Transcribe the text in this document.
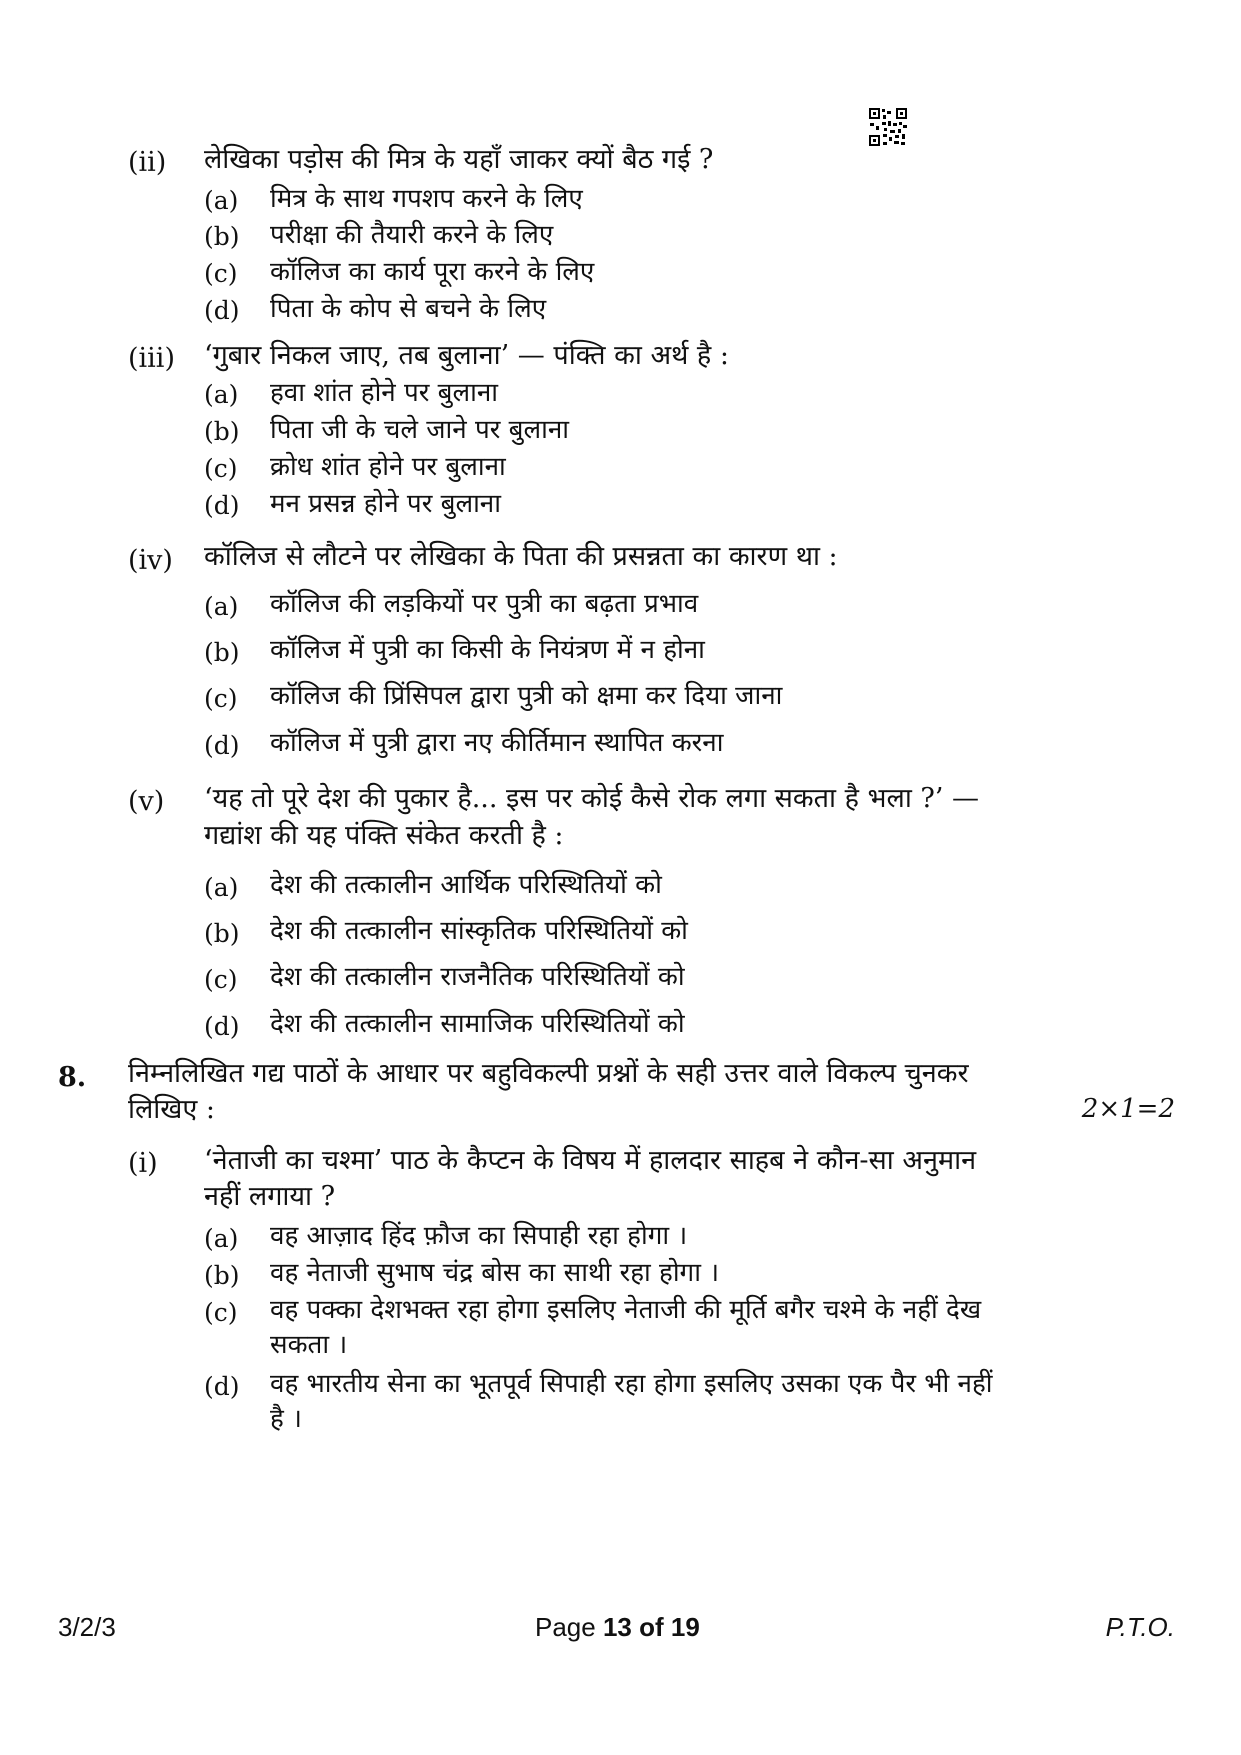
(ii) लेखिका पड़ोस की मित्र के यहाँ जाकर क्यों बैठ गई ?
(a) मित्र के साथ गपशप करने के लिए
(b) परीक्षा की तैयारी करने के लिए
(c) कॉलिज का कार्य पूरा करने के लिए
(d) पिता के कोप से बचने के लिए
(iii) ‘गुबार निकल जाए, तब बुलाना’ — पंक्ति का अर्थ है :
(a) हवा शांत होने पर बुलाना
(b) पिता जी के चले जाने पर बुलाना
(c) क्रोध शांत होने पर बुलाना
(d) मन प्रसन्न होने पर बुलाना
(iv) कॉलिज से लौटने पर लेखिका के पिता की प्रसन्नता का कारण था :
(a) कॉलिज की लड़कियों पर पुत्री का बढ़ता प्रभाव
(b) कॉलिज में पुत्री का किसी के नियंत्रण में न होना
(c) कॉलिज की प्रिंसिपल द्वारा पुत्री को क्षमा कर दिया जाना
(d) कॉलिज में पुत्री द्वारा नए कीर्तिमान स्थापित करना
(v) ‘यह तो पूरे देश की पुकार है... इस पर कोई कैसे रोक लगा सकता है भला ?’ —
गद्यांश की यह पंक्ति संकेत करती है :
(a) देश की तत्कालीन आर्थिक परिस्थितियों को
(b) देश की तत्कालीन सांस्कृतिक परिस्थितियों को
(c) देश की तत्कालीन राजनैतिक परिस्थितियों को
(d) देश की तत्कालीन सामाजिक परिस्थितियों को
8. निम्नलिखित गद्य पाठों के आधार पर बहुविकल्पी प्रश्नों के सही उत्तर वाले विकल्प चुनकर
लिखिए :	2×1=2
(i) ‘नेताजी का चश्मा’ पाठ के कैप्टन के विषय में हालदार साहब ने कौन-सा अनुमान
नहीं लगाया ?
(a) वह आज़ाद हिंद फ़ौज का सिपाही रहा होगा ।
(b) वह नेताजी सुभाष चंद्र बोस का साथी रहा होगा ।
(c) वह पक्का देशभक्त रहा होगा इसलिए नेताजी की मूर्ति बगैर चश्मे के नहीं देख
सकता ।
(d) वह भारतीय सेना का भूतपूर्व सिपाही रहा होगा इसलिए उसका एक पैर भी नहीं
है ।
3/2/3	Page 13 of 19	P.T.O.
